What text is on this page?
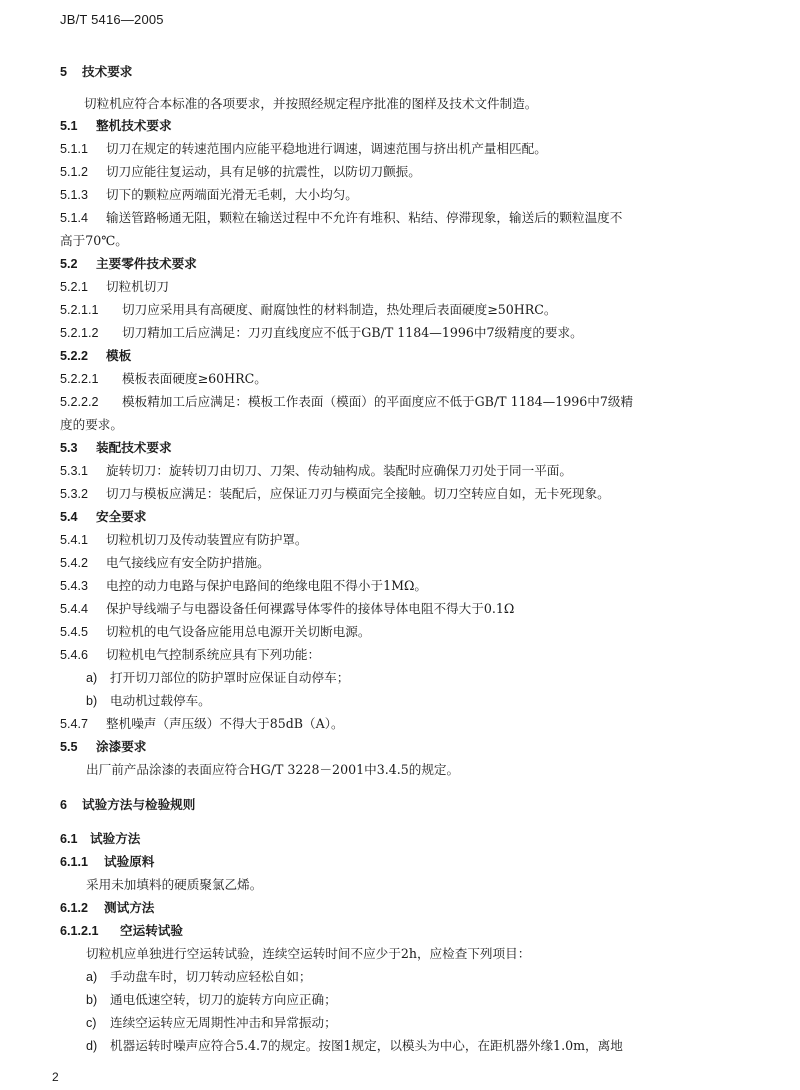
JB/T 5416—2005
5 技术要求
切粒机应符合本标准的各项要求，并按照经规定程序批准的图样及技术文件制造。
5.1 整机技术要求
5.1.1 切刀在规定的转速范围内应能平稳地进行调速，调速范围与挤出机产量相匹配。
5.1.2 切刀应能往复运动，具有足够的抗震性，以防切刀颤振。
5.1.3 切下的颗粒应两端面光滑无毛刺，大小均匀。
5.1.4 输送管路畅通无阻，颗粒在输送过程中不允许有堆积、粘结、停滞现象，输送后的颗粒温度不
高于70℃。
5.2 主要零件技术要求
5.2.1 切粒机切刀
5.2.1.1 切刀应采用具有高硬度、耐腐蚀性的材料制造，热处理后表面硬度≥50HRC。
5.2.1.2 切刀精加工后应满足：刀刃直线度应不低于GB/T 1184—1996中7级精度的要求。
5.2.2 模板
5.2.2.1 模板表面硬度≥60HRC。
5.2.2.2 模板精加工后应满足：模板工作表面（模面）的平面度应不低于GB/T 1184—1996中7级精
度的要求。
5.3 装配技术要求
5.3.1 旋转切刀：旋转切刀由切刀、刀架、传动轴构成。装配时应确保刀刃处于同一平面。
5.3.2 切刀与模板应满足：装配后，应保证刀刃与模面完全接触。切刀空转应自如，无卡死现象。
5.4 安全要求
5.4.1 切粒机切刀及传动装置应有防护罩。
5.4.2 电气接线应有安全防护措施。
5.4.3 电控的动力电路与保护电路间的绝缘电阻不得小于1MΩ。
5.4.4 保护导线端子与电器设备任何裸露导体零件的接体导体电阻不得大于0.1Ω
5.4.5 切粒机的电气设备应能用总电源开关切断电源。
5.4.6 切粒机电气控制系统应具有下列功能：
a) 打开切刀部位的防护罩时应保证自动停车；
b) 电动机过载停车。
5.4.7 整机噪声（声压级）不得大于85dB（A）。
5.5 涂漆要求
出厂前产品涂漆的表面应符合HG/T 3228－2001中3.4.5的规定。
6 试验方法与检验规则
6.1 试验方法
6.1.1 试验原料
采用未加填料的硬质聚氯乙烯。
6.1.2 测试方法
6.1.2.1 空运转试验
切粒机应单独进行空运转试验，连续空运转时间不应少于2h，应检查下列项目：
a) 手动盘车时，切刀转动应轻松自如；
b) 通电低速空转，切刀的旋转方向应正确；
c) 连续空运转应无周期性冲击和异常振动；
d) 机器运转时噪声应符合5.4.7的规定。按图1规定，以模头为中心，在距机器外缘1.0m，离地
2
